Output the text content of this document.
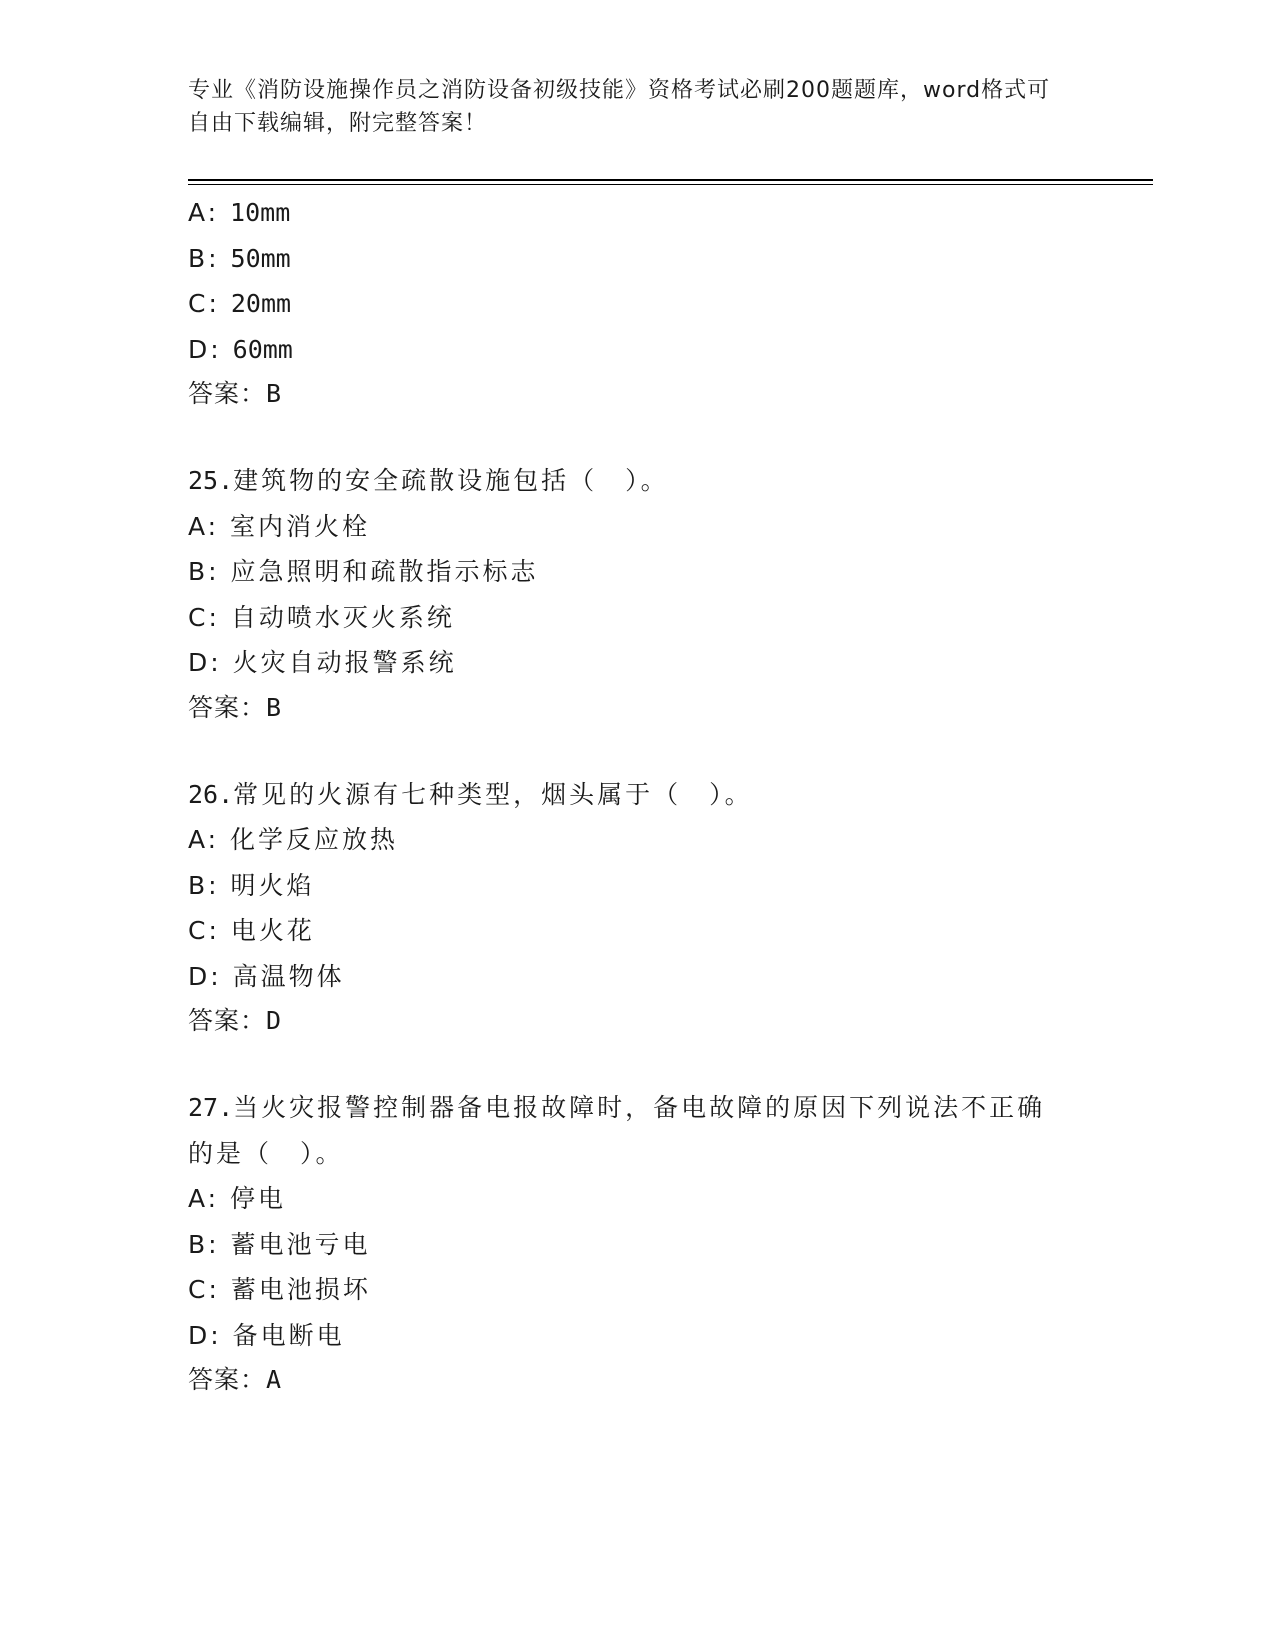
专业《消防设施操作员之消防设备初级技能》资格考试必刷200题题库，word格式可自由下载编辑，附完整答案！
A: 10mm
B: 50mm
C: 20mm
D: 60mm
答案：B
25.建筑物的安全疏散设施包括（　）。
A: 室内消火栓
B: 应急照明和疏散指示标志
C: 自动喷水灭火系统
D: 火灾自动报警系统
答案：B
26.常见的火源有七种类型，烟头属于（　）。
A: 化学反应放热
B: 明火焰
C: 电火花
D: 高温物体
答案：D
27.当火灾报警控制器备电报故障时，备电故障的原因下列说法不正确的是（　）。
A: 停电
B: 蓄电池亏电
C: 蓄电池损坏
D: 备电断电
答案：A
